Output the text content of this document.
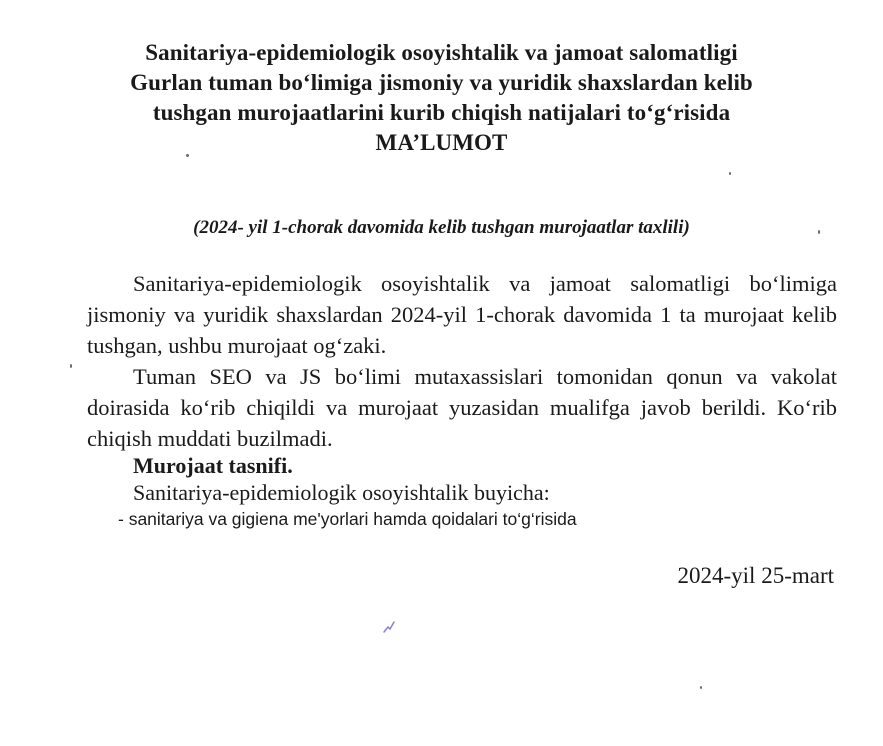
Sanitariya-epidemiologik osoyishtalik va jamoat salomatligi
Gurlan tuman bo‘limiga jismoniy va yuridik shaxslardan kelib
tushgan murojaatlarini kurib chiqish natijalari to‘g‘risida
MA’LUMOT
(2024- yil 1-chorak davomida kelib tushgan murojaatlar taxlili)

Sanitariya-epidemiologik osoyishtalik va jamoat salomatligi bo‘limiga jismoniy va yuridik shaxslardan 2024-yil 1-chorak davomida 1 ta murojaat kelib tushgan, ushbu murojaat og‘zaki.

Tuman SEO va JS bo‘limi mutaxassislari tomonidan qonun va vakolat doirasida ko‘rib chiqildi va murojaat yuzasidan mualifga javob berildi. Ko‘rib chiqish muddati buzilmadi.

Murojaat tasnifi.
Sanitariya-epidemiologik osoyishtalik buyicha:
- sanitariya va gigiena me'yorlari hamdа qoidalari to‘g‘risida
2024-yil 25-mart
